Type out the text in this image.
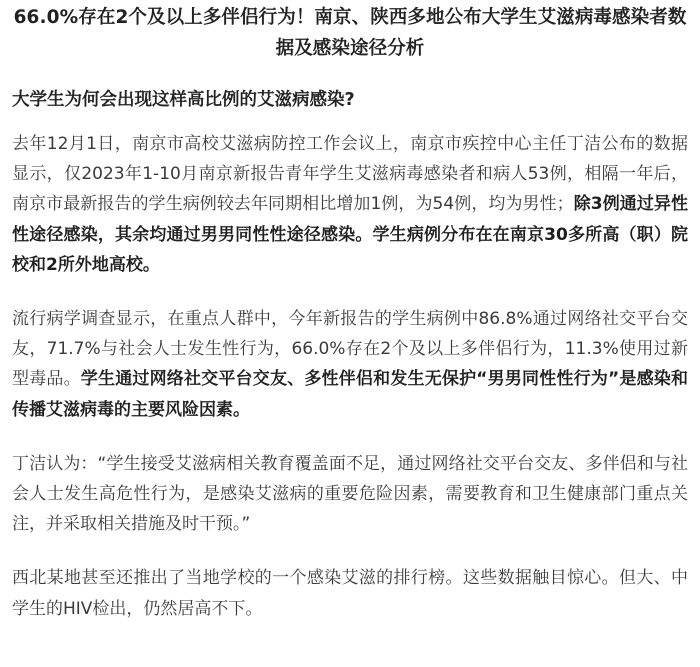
66.0%存在2个及以上多伴侣行为！南京、陕西多地公布大学生艾滋病毒感染者数据及感染途径分析
大学生为何会出现这样高比例的艾滋病感染?

去年12月1日，南京市高校艾滋病防控工作会议上，南京市疾控中心主任丁洁公布的数据显示，仅2023年1-10月南京新报告青年学生艾滋病毒感染者和病人53例，相隔一年后，南京市最新报告的学生病例较去年同期相比增加1例，为54例，均为男性；除3例通过异性性途径感染，其余均通过男男同性性途径感染。学生病例分布在在南京30多所高（职）院校和2所外地高校。

流行病学调查显示，在重点人群中，今年新报告的学生病例中86.8%通过网络社交平台交友，71.7%与社会人士发生性行为，66.0%存在2个及以上多伴侣行为，11.3%使用过新型毒品。学生通过网络社交平台交友、多性伴侣和发生无保护“男男同性性行为”是感染和传播艾滋病毒的主要风险因素。

丁洁认为：“学生接受艾滋病相关教育覆盖面不足，通过网络社交平台交友、多伴侣和与社会人士发生高危性行为，是感染艾滋病的重要危险因素，需要教育和卫生健康部门重点关注，并采取相关措施及时干预。”

西北某地甚至还推出了当地学校的一个感染艾滋的排行榜。这些数据触目惊心。但大、中学生的HIV检出，仍然居高不下。
